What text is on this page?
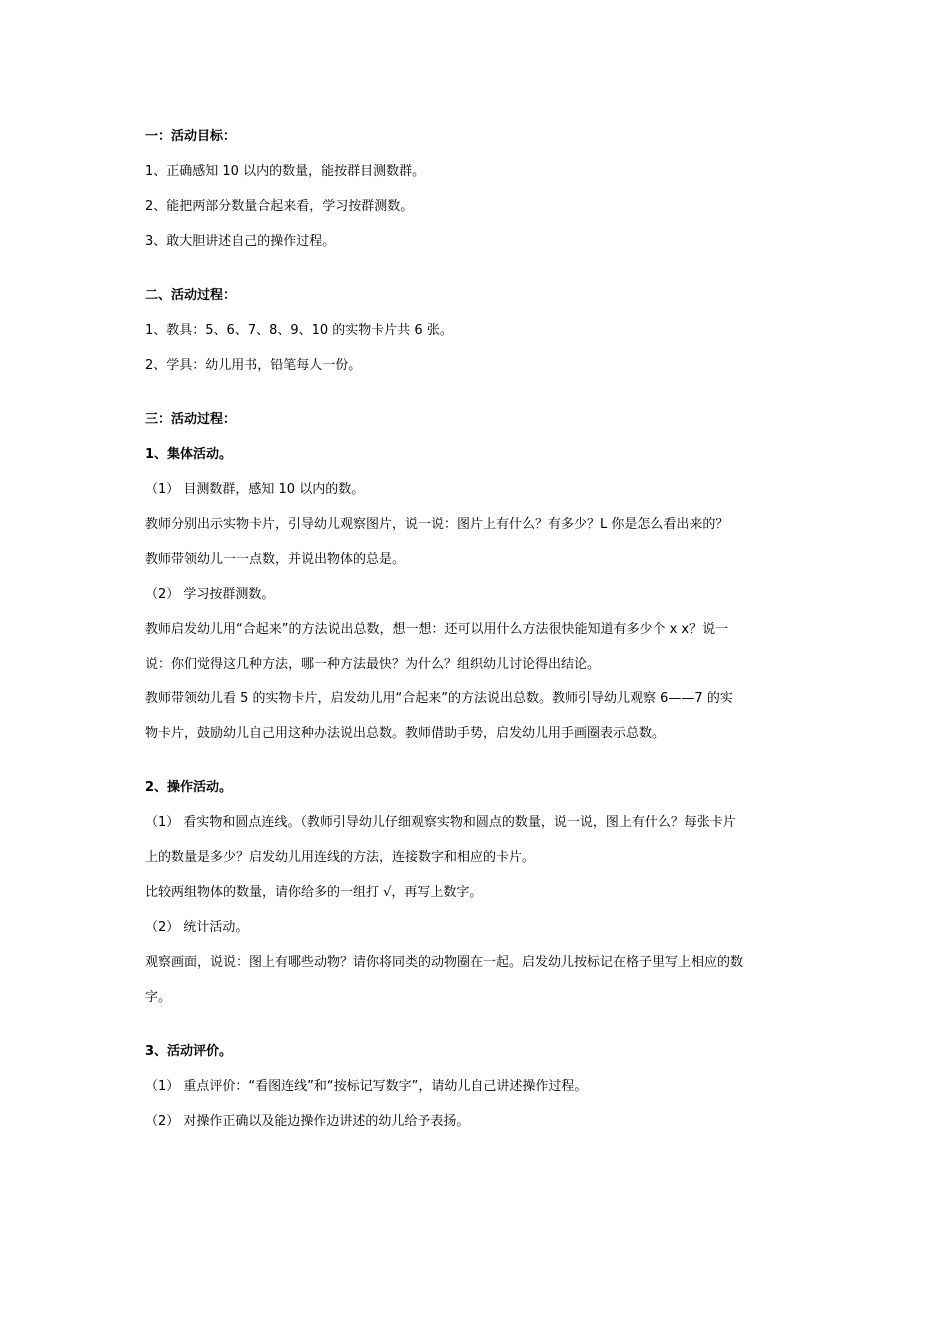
一：活动目标：
1、正确感知 10 以内的数量，能按群目测数群。
2、能把两部分数量合起来看，学习按群测数。
3、敢大胆讲述自己的操作过程。
二、活动过程：
1、教具：5、6、7、8、9、10 的实物卡片共 6 张。
2、学具：幼儿用书，铅笔每人一份。
三：活动过程：
1、集体活动。
（1） 目测数群，感知 10 以内的数。
教师分别出示实物卡片，引导幼儿观察图片，说一说：图片上有什么？有多少？L 你是怎么看出来的？
教师带领幼儿一一点数，并说出物体的总是。
（2） 学习按群测数。
教师启发幼儿用“合起来”的方法说出总数，想一想：还可以用什么方法很快能知道有多少个 x x？说一
说：你们觉得这几种方法，哪一种方法最快？为什么？组织幼儿讨论得出结论。
教师带领幼儿看 5 的实物卡片，启发幼儿用“合起来”的方法说出总数。教师引导幼儿观察 6——7 的实
物卡片，鼓励幼儿自己用这种办法说出总数。教师借助手势，启发幼儿用手画圈表示总数。
2、操作活动。
（1） 看实物和圆点连线。（教师引导幼儿仔细观察实物和圆点的数量，说一说，图上有什么？每张卡片
上的数量是多少？启发幼儿用连线的方法，连接数字和相应的卡片。
比较两组物体的数量，请你给多的一组打 √，再写上数字。
（2） 统计活动。
观察画面，说说：图上有哪些动物？请你将同类的动物圈在一起。启发幼儿按标记在格子里写上相应的数
字。
3、活动评价。
（1） 重点评价：“看图连线”和“按标记写数字”，请幼儿自己讲述操作过程。
（2） 对操作正确以及能边操作边讲述的幼儿给予表扬。
